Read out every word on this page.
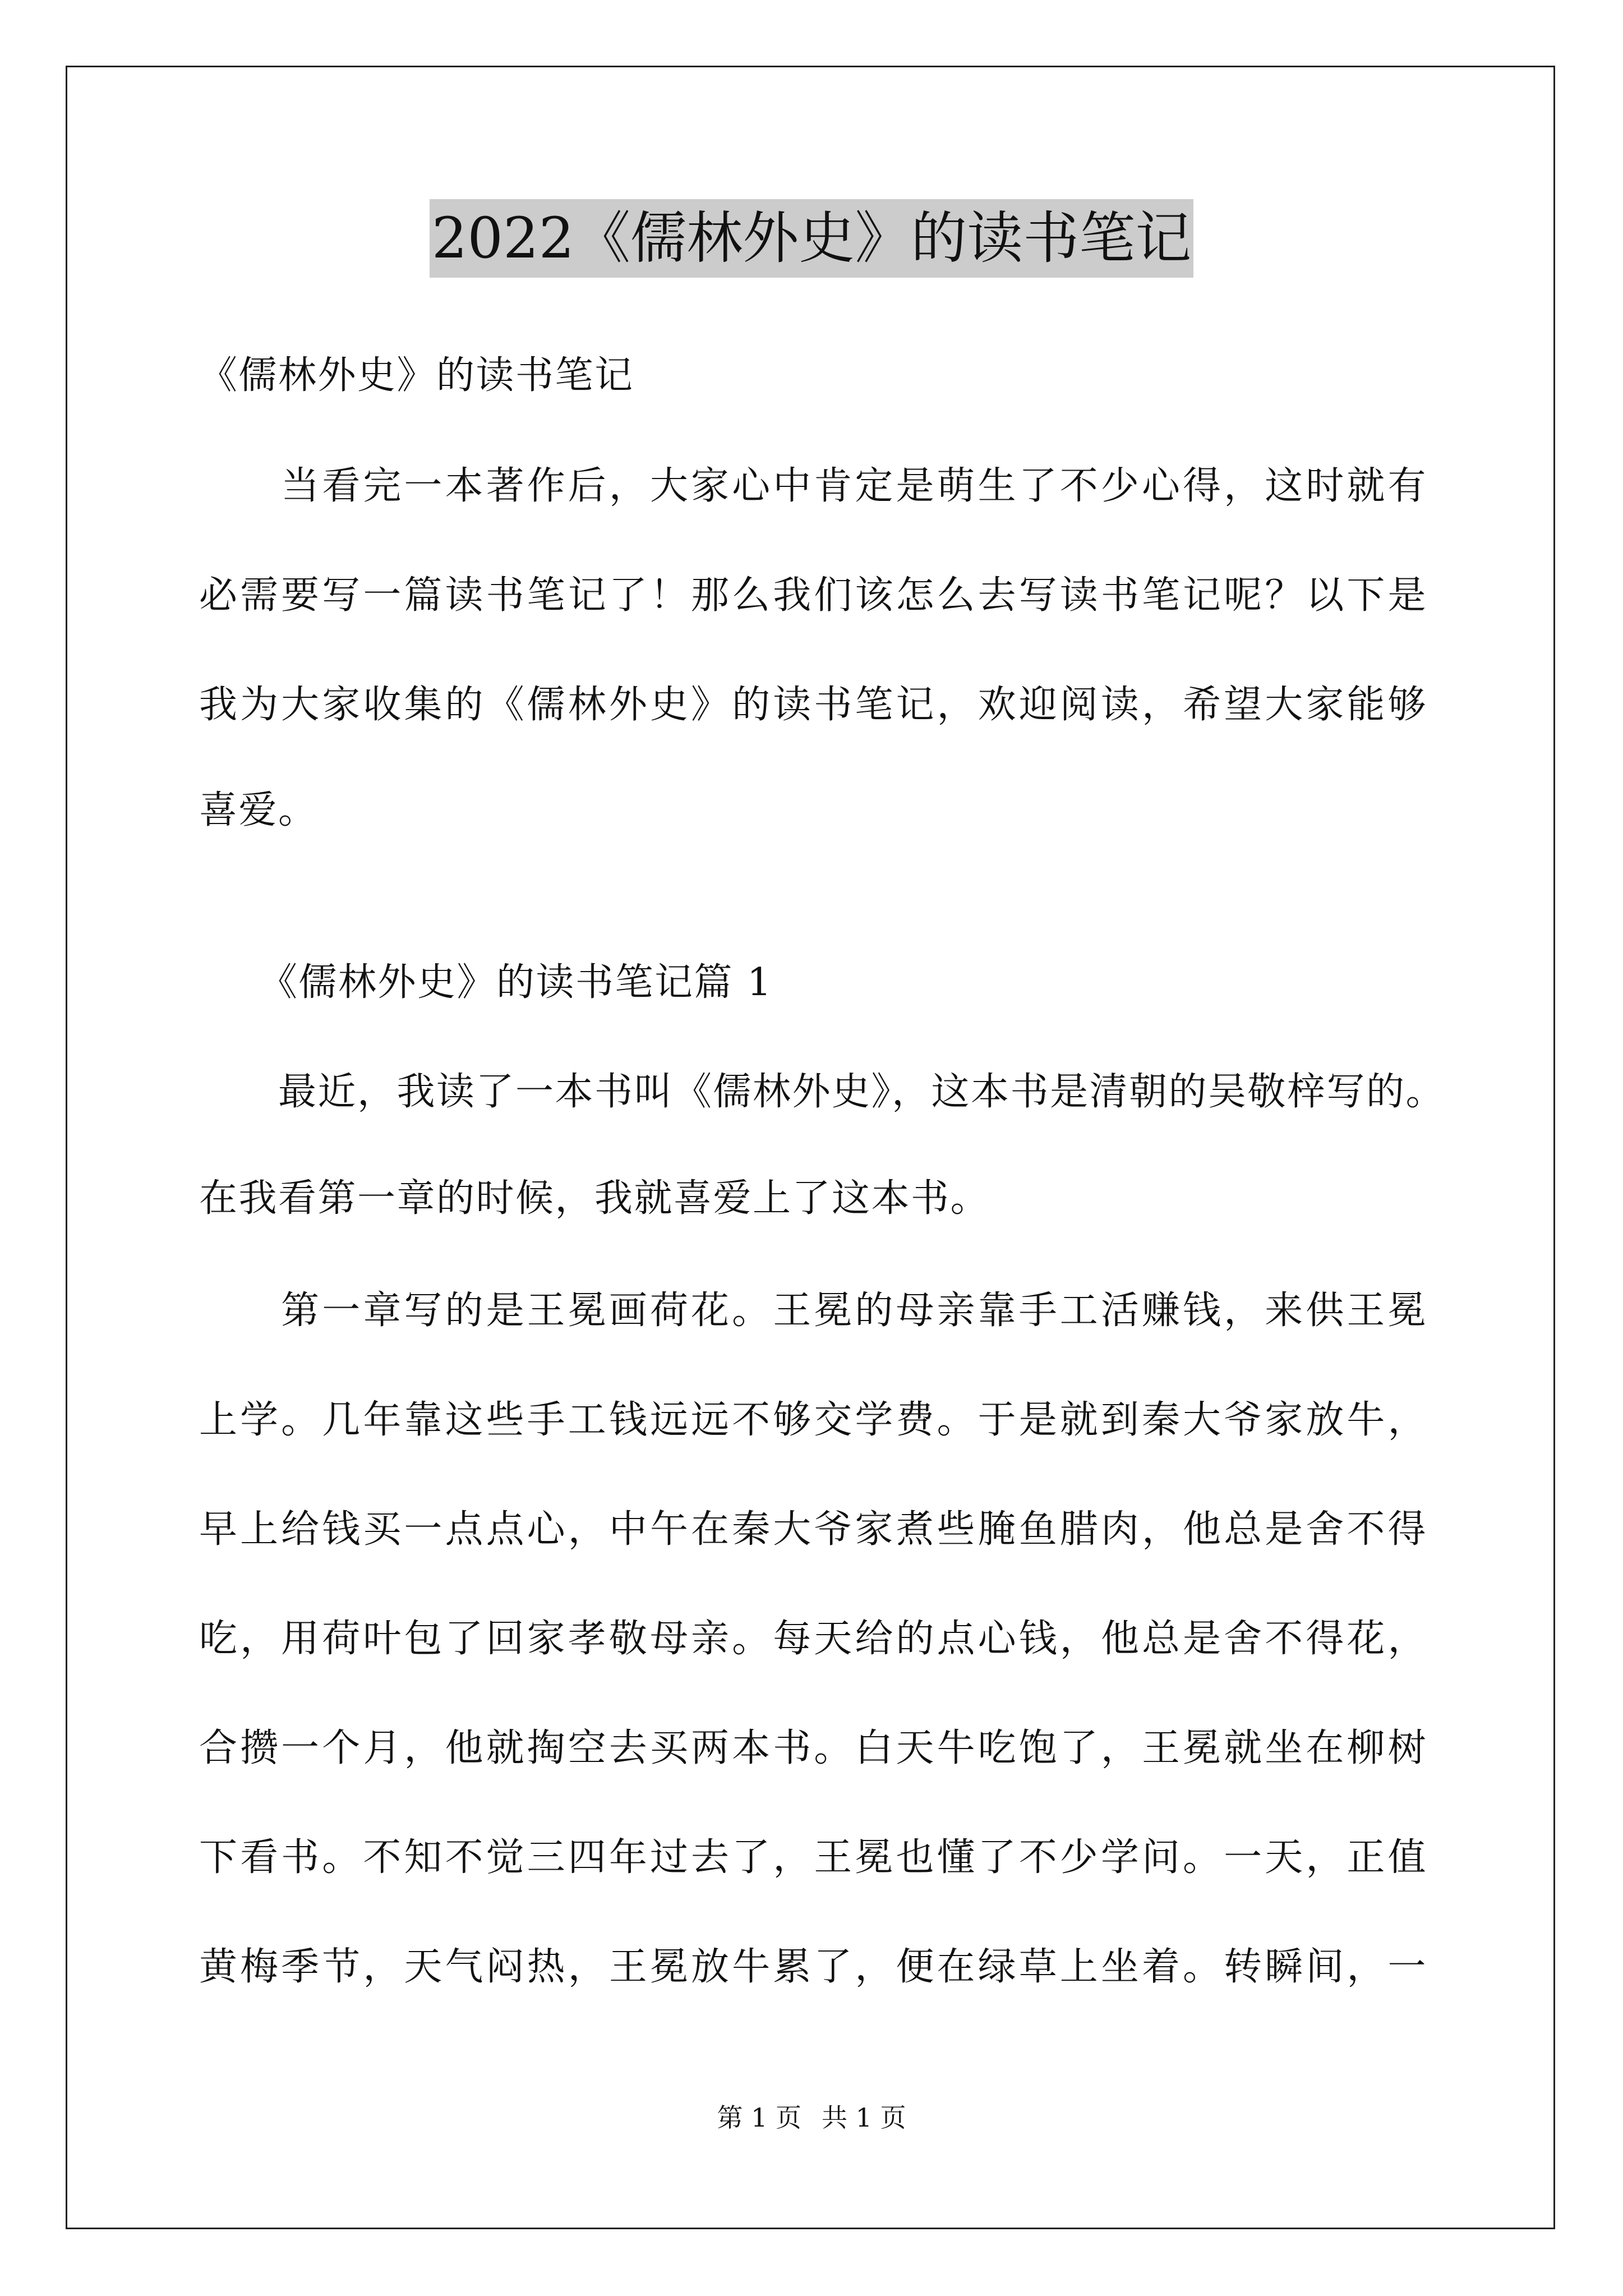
2022《儒林外史》的读书笔记
《儒林外史》的读书笔记
　　当看完一本著作后，大家心中肯定是萌生了不少心得，这时就有
必需要写一篇读书笔记了！那么我们该怎么去写读书笔记呢？以下是
我为大家收集的《儒林外史》的读书笔记，欢迎阅读，希望大家能够
喜爱。
　　《儒林外史》的读书笔记篇 1
　　最近，我读了一本书叫《儒林外史》，这本书是清朝的吴敬梓写的。
在我看第一章的时候，我就喜爱上了这本书。
　　第一章写的是王冕画荷花。王冕的母亲靠手工活赚钱，来供王冕
上学。几年靠这些手工钱远远不够交学费。于是就到秦大爷家放牛，
早上给钱买一点点心，中午在秦大爷家煮些腌鱼腊肉，他总是舍不得
吃，用荷叶包了回家孝敬母亲。每天给的点心钱，他总是舍不得花，
合攒一个月，他就掏空去买两本书。白天牛吃饱了，王冕就坐在柳树
下看书。不知不觉三四年过去了，王冕也懂了不少学问。一天，正值
黄梅季节，天气闷热，王冕放牛累了，便在绿草上坐着。转瞬间，一
第 1 页 共 1 页
